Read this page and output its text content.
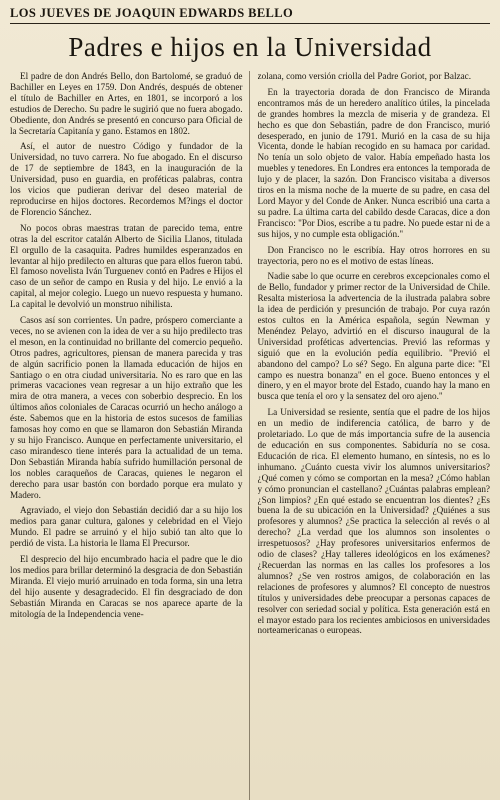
LOS JUEVES DE JOAQUIN EDWARDS BELLO
Padres e hijos en la Universidad

El padre de don Andrés Bello, don Bartolomé, se graduó de Bachiller en Leyes en 1759. Don Andrés, después de obtener el título de Bachiller en Artes, en 1801, se incorporó a los estudios de Derecho. Su padre le sugirió que no fuera abogado. Obediente, don Andrés se presentó en concurso para Oficial de la Secretaría Capitanía y gano. Estamos en 1802.

Así, el autor de nuestro Código y fundador de la Universidad, no tuvo carrera. No fue abogado. En el discurso de 17 de septiembre de 1843, en la inauguración de la Universidad, puso en guardia, en proféticas palabras, contra los vicios que pudieran derivar del deseo material de reproducirse en hijos doctores. Recordemos M?ings el doctor de Florencio Sánchez.

No pocos obras maestras tratan de parecido tema, entre otras la del escritor catalán Alberto de Sicilia Llanos, titulada El orgullo de la casaquita. Padres humildes esperanzados en levantar al hijo predilecto en alturas que para ellos fueron tabú. El famoso novelista Iván Turguenev contó en Padres e Hijos el caso de un señor de campo en Rusia y del hijo. Le envió a la capital, al mejor colegio. Luego un nuevo respuesta y humano. La capital le devolvió un monstruo nihilista.

Casos así son corrientes. Un padre, próspero comerciante a veces, no se avienen con la idea de ver a su hijo predilecto tras el meson, en la continuidad no brillante del comercio pequeño. Otros padres, agricultores, piensan de manera parecida y tras de algún sacrificio ponen la llamada educación de hijos en Santiago o en otra ciudad universitaria. No es raro que en las primeras vacaciones vean regresar a un hijo extraño que les mira de otra manera, a veces con soberbio desprecio. En los últimos años coloniales de Caracas ocurrió un hecho análogo a éste. Sabemos que en la historia de estos sucesos de familias famosas hoy como en que se llamaron don Sebastián Miranda y su hijo Francisco. Aunque en perfectamente universitario, el caso mirandesco tiene interés para la actualidad de un tema. Don Sebastián Miranda había sufrido humillación personal de los nobles caraqueños de Caracas, quienes le negaron el derecho para usar bastón con bordado porque era mulato y Madero.

Agraviado, el viejo don Sebastián decidió dar a su hijo los medios para ganar cultura, galones y celebridad en el Viejo Mundo. El padre se arruinó y el hijo subió tan alto que lo perdió de vista. La historia le llama El Precursor.

El desprecio del hijo encumbrado hacia el padre que le dio los medios para brillar determinó la desgracia de don Sebastián Miranda. El viejo murió arruinado en toda forma, sin una letra del hijo ausente y desagradecido. El fin desgraciado de don Sebastián Miranda en Caracas se nos aparece aparte de la mitología de la Independencia vene-

zolana, como versión criolla del Padre Goriot, por Balzac.

En la trayectoria dorada de don Francisco de Miranda encontramos más de un heredero analítico útiles, la pincelada de grandes hombres la mezcla de miseria y de grandeza. El hecho es que don Sebastián, padre de don Francisco, murió desesperado, en junio de 1791. Murió en la casa de su hija Vicenta, donde le habían recogido en su hamaca por caridad. No tenía un solo objeto de valor. Había empeñado hasta los muebles y tenedores. En Londres era entonces la temporada de lujo y de placer, la sazón. Don Francisco visitaba a diversos tiros en la misma noche de la muerte de su padre, en casa del Lord Mayor y del Conde de Anker. Nunca escribió una carta a su padre. La última carta del cabildo desde Caracas, dice a don Francisco: "Por Dios, escribe a tu padre. No puede estar ni de a sus hijos, y no cumple esta obligación."

Don Francisco no le escribía. Hay otros horrores en su trayectoria, pero no es el motivo de estas líneas.

Nadie sabe lo que ocurre en cerebros excepcionales como el de Bello, fundador y primer rector de la Universidad de Chile. Resalta misteriosa la advertencia de la ilustrada palabra sobre la idea de perdición y presunción de trabajo. Por cuya razón estos cultos en la América española, según Newman y Menéndez Pelayo, advirtió en el discurso inaugural de la Universidad proféticas advertencias. Previó las reformas y siguió que en la evolución pedía equilibrio. "Previó el abandono del campo? Lo sé? Sego. En alguna parte dice: "El campo es nuestra bonanza" en el goce. Bueno entonces y el dinero, y en el mayor brote del Estado, cuando hay la mano en busca que tenía el oro y la sensatez del oro ajeno."

La Universidad se resiente, sentía que el padre de los hijos en un medio de indiferencia católica, de barro y de proletariado. Lo que de más importancia sufre de la ausencia de educación en sus componentes. Sabiduría no se cosa. Educación de rica. El elemento humano, en síntesis, no es lo inhumano. ¿Cuánto cuesta vivir los alumnos universitarios? ¿Qué comen y cómo se comportan en la mesa? ¿Cómo hablan y cómo pronuncian el castellano? ¿Cuántas palabras emplean? ¿Son limpios? ¿En qué estado se encuentran los dientes? ¿Es buena la de su ubicación en la Universidad? ¿Quiénes a sus profesores y alumnos? ¿Se practica la selección al revés o al derecho? ¿La verdad que los alumnos son insolentes o irrespetuosos? ¿Hay profesores universitarios enfermos de odio de clases? ¿Hay talleres ideológicos en los exámenes? ¿Recuerdan las normas en las calles los profesores a los alumnos? ¿Se ven rostros amigos, de colaboración en las relaciones de profesores y alumnos? El concepto de nuestros títulos y universidades debe preocupar a personas capaces de resolver con seriedad social y política. Esta generación está en el mayor estado para los recientes ambiciosos en universidades norteamericanas o europeas.
